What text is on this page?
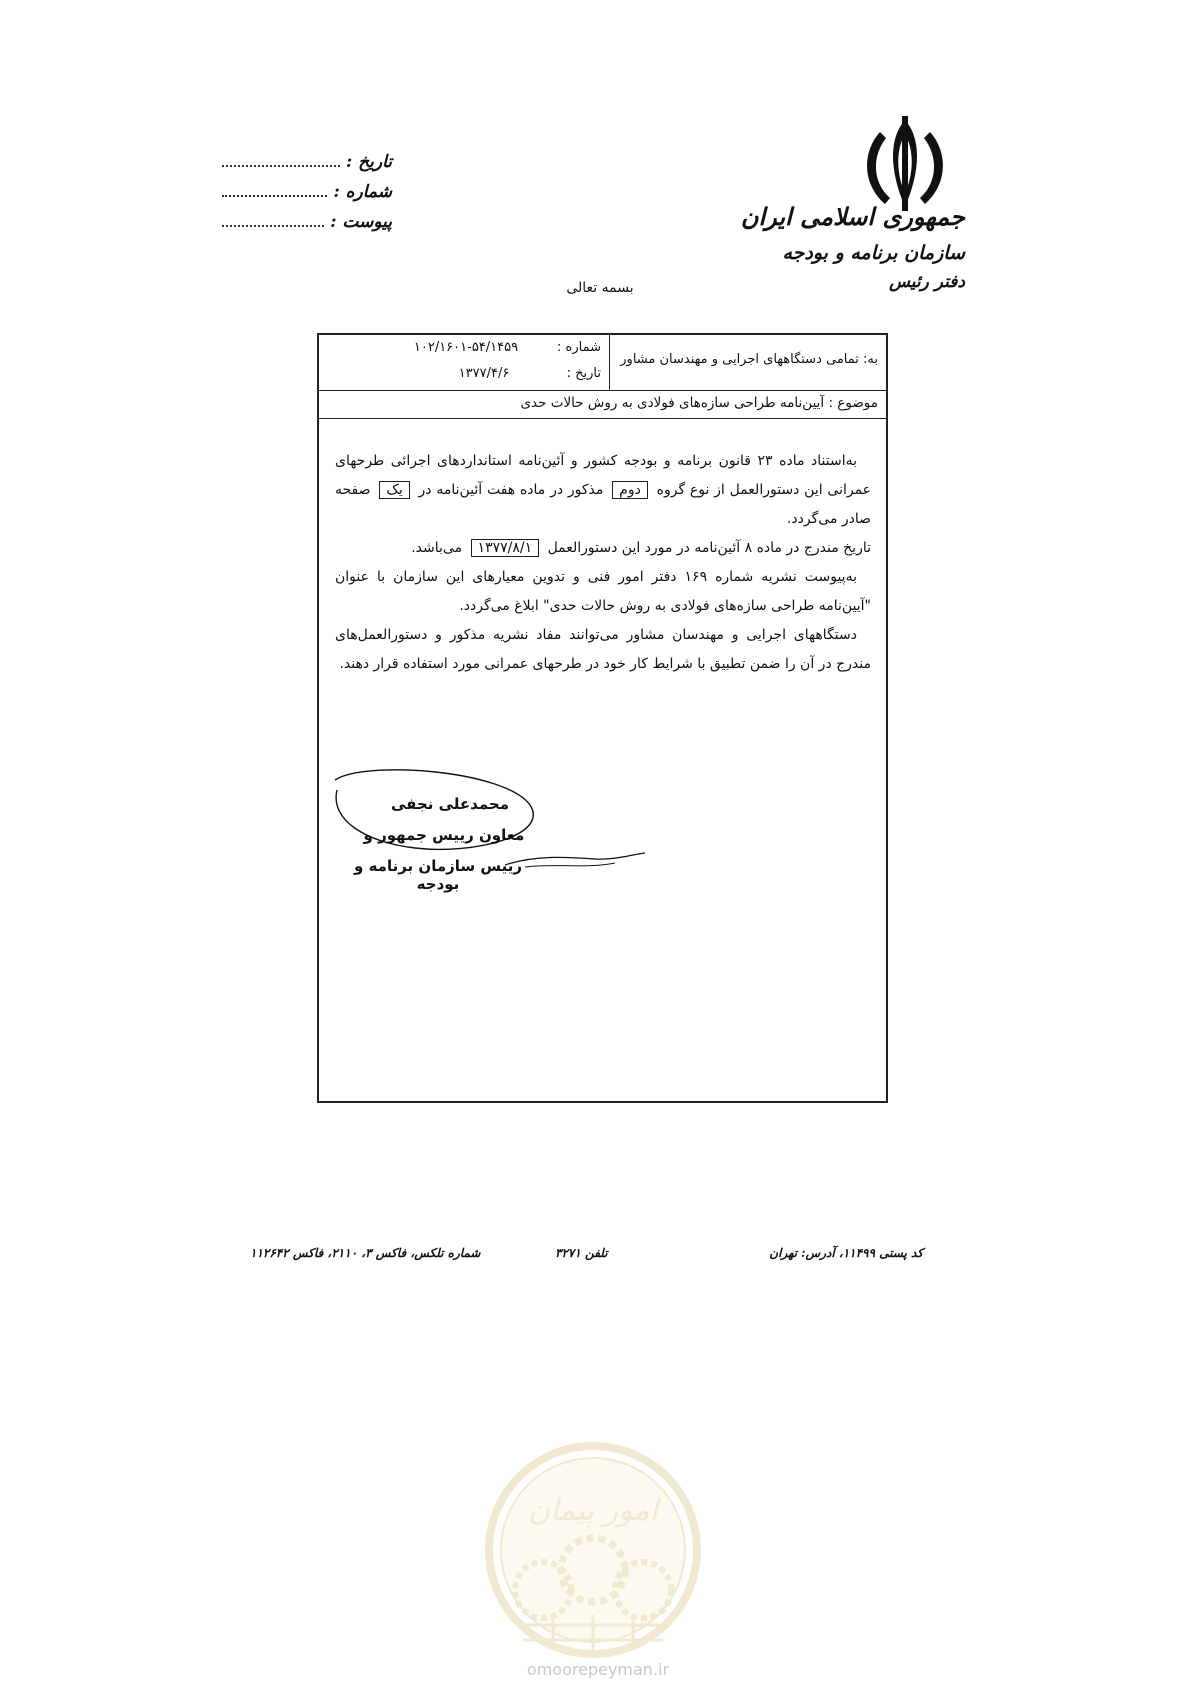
جمهوری اسلامی ایران
سازمان برنامه و بودجه
دفتر رئیس
تاریخ :
شماره :
پیوست :
بسمه تعالی
به: تمامی دستگاههای اجرایی و مهندسان مشاور
شماره :
۱۰۲/۱۶۰۱-۵۴/۱۴۵۹
تاریخ :
۱۳۷۷/۴/۶
موضوع : آیین‌نامه طراحی سازه‌های فولادی به روش حالات حدی

به‌استناد ماده ۲۳ قانون برنامه و بودجه کشور و آئین‌نامه استانداردهای اجرائی طرحهای عمرانی این دستورالعمل از نوع گروه دوم مذکور در ماده هفت آئین‌نامه در یک صفحه صادر می‌گردد.

تاریخ مندرج در ماده ۸ آئین‌نامه در مورد این دستورالعمل ۱۳۷۷/۸/۱ می‌باشد.

به‌پیوست نشریه شماره ۱۶۹ دفتر امور فنی و تدوین معیارهای این سازمان با عنوان "آیین‌نامه طراحی سازه‌های فولادی به روش حالات حدی" ابلاغ می‌گردد.

دستگاههای اجرایی و مهندسان مشاور می‌توانند مفاد نشریه مذکور و دستورالعمل‌های مندرج در آن را ضمن تطبیق با شرایط کار خود در طرحهای عمرانی مورد استفاده قرار دهند.

محمدعلی نجفی
معاون رییس جمهور و
رییس سازمان برنامه و بودجه
کد پستی ۱۱۴۹۹، آدرس: تهران
تلفن ۳۲۷۱
شماره تلکس، فاکس ۳، ۲۱۱۰، فاکس ۱۱۲۶۴۲
امور پیمان
omoorepeyman.ir
